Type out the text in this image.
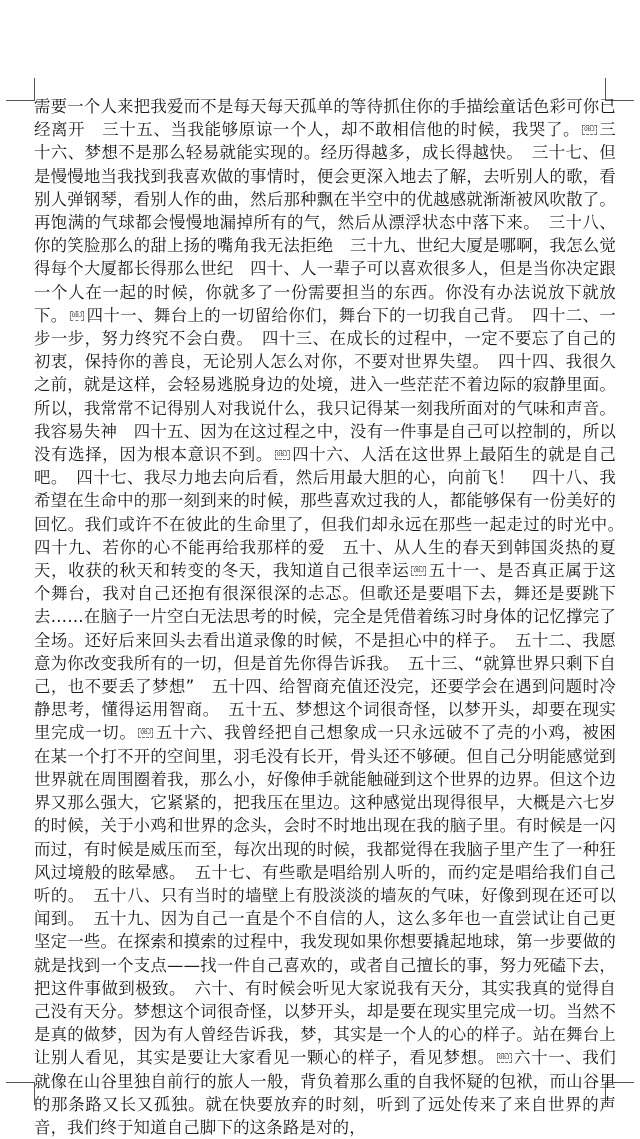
需要一个人来把我爱而不是每天每天孤单的等待抓住你的手描绘童话色彩可你已经离开　三十五、当我能够原谅一个人，却不敢相信他的时候，我哭了。 OBJ 三十六、梦想不是那么轻易就能实现的。经历得越多，成长得越快。　三十七、但是慢慢地当我找到我喜欢做的事情时，便会更深入地去了解，去听别人的歌，看别人弹钢琴，看别人作的曲，然后那种飘在半空中的优越感就渐渐被风吹散了。再饱满的气球都会慢慢地漏掉所有的气，然后从漂浮状态中落下来。　三十八、你的笑脸那么的甜上扬的嘴角我无法拒绝　三十九、世纪大厦是哪啊，我怎么觉得每个大厦都长得那么世纪　四十、人一辈子可以喜欢很多人，但是当你决定跟一个人在一起的时候，你就多了一份需要担当的东西。你没有办法说放下就放下。 OBJ 四十一、舞台上的一切留给你们，舞台下的一切我自己背。　四十二、一步一步，努力终究不会白费。　四十三、在成长的过程中，一定不要忘了自己的初衷，保持你的善良，无论别人怎么对你，不要对世界失望。　四十四、我很久之前，就是这样，会轻易逃脱身边的处境，进入一些茫茫不着边际的寂静里面。所以，我常常不记得别人对我说什么，我只记得某一刻我所面对的气味和声音。我容易失神　四十五、因为在这过程之中，没有一件事是自己可以控制的，所以没有选择，因为根本意识不到。 OBJ 四十六、人活在这世界上最陌生的就是自己吧。　四十七、我尽力地去向后看，然后用最大胆的心，向前飞！　四十八、我希望在生命中的那一刻到来的时候，那些喜欢过我的人，都能够保有一份美好的回忆。我们或许不在彼此的生命里了，但我们却永远在那些一起走过的时光中。　四十九、若你的心不能再给我那样的爱　五十、从人生的春天到韩国炎热的夏天，收获的秋天和转变的冬天，我知道自己很幸运 OBJ 五十一、是否真正属于这个舞台，我对自己还抱有很深很深的忐忑。但歌还是要唱下去，舞还是要跳下去……在脑子一片空白无法思考的时候，完全是凭借着练习时身体的记忆撑完了全场。还好后来回头去看出道录像的时候，不是担心中的样子。　五十二、我愿意为你改变我所有的一切，但是首先你得告诉我。　五十三、“就算世界只剩下自己，也不要丢了梦想”　五十四、给智商充值还没完，还要学会在遇到问题时冷静思考，懂得运用智商。　五十五、梦想这个词很奇怪，以梦开头，却要在现实里完成一切。 OBJ 五十六、我曾经把自己想象成一只永远破不了壳的小鸡，被困在某一个打不开的空间里，羽毛没有长开，骨头还不够硬。但自己分明能感觉到世界就在周围圈着我，那么小，好像伸手就能触碰到这个世界的边界。但这个边界又那么强大，它紧紧的，把我压在里边。这种感觉出现得很早，大概是六七岁的时候，关于小鸡和世界的念头，会时不时地出现在我的脑子里。有时候是一闪而过，有时候是威压而至，每次出现的时候，我都觉得在我脑子里产生了一种狂风过境般的眩晕感。　五十七、有些歌是唱给别人听的，而约定是唱给我们自己听的。　五十八、只有当时的墙壁上有股淡淡的墙灰的气味，好像到现在还可以闻到。　五十九、因为自己一直是个不自信的人，这么多年也一直尝试让自己更坚定一些。在探索和摸索的过程中，我发现如果你想要撬起地球，第一步要做的就是找到一个支点——找一件自己喜欢的，或者自己擅长的事，努力死磕下去，把这件事做到极致。　六十、有时候会听见大家说我有天分，其实我真的觉得自己没有天分。梦想这个词很奇怪，以梦开头，却是要在现实里完成一切。当然不是真的做梦，因为有人曾经告诉我，梦，其实是一个人的心的样子。站在舞台上让别人看见，其实是要让大家看见一颗心的样子，看见梦想。 OBJ 六十一、我们就像在山谷里独自前行的旅人一般，背负着那么重的自我怀疑的包袱，而山谷里的那条路又长又孤独。就在快要放弃的时刻，听到了远处传来了来自世界的声音，我们终于知道自己脚下的这条路是对的，
